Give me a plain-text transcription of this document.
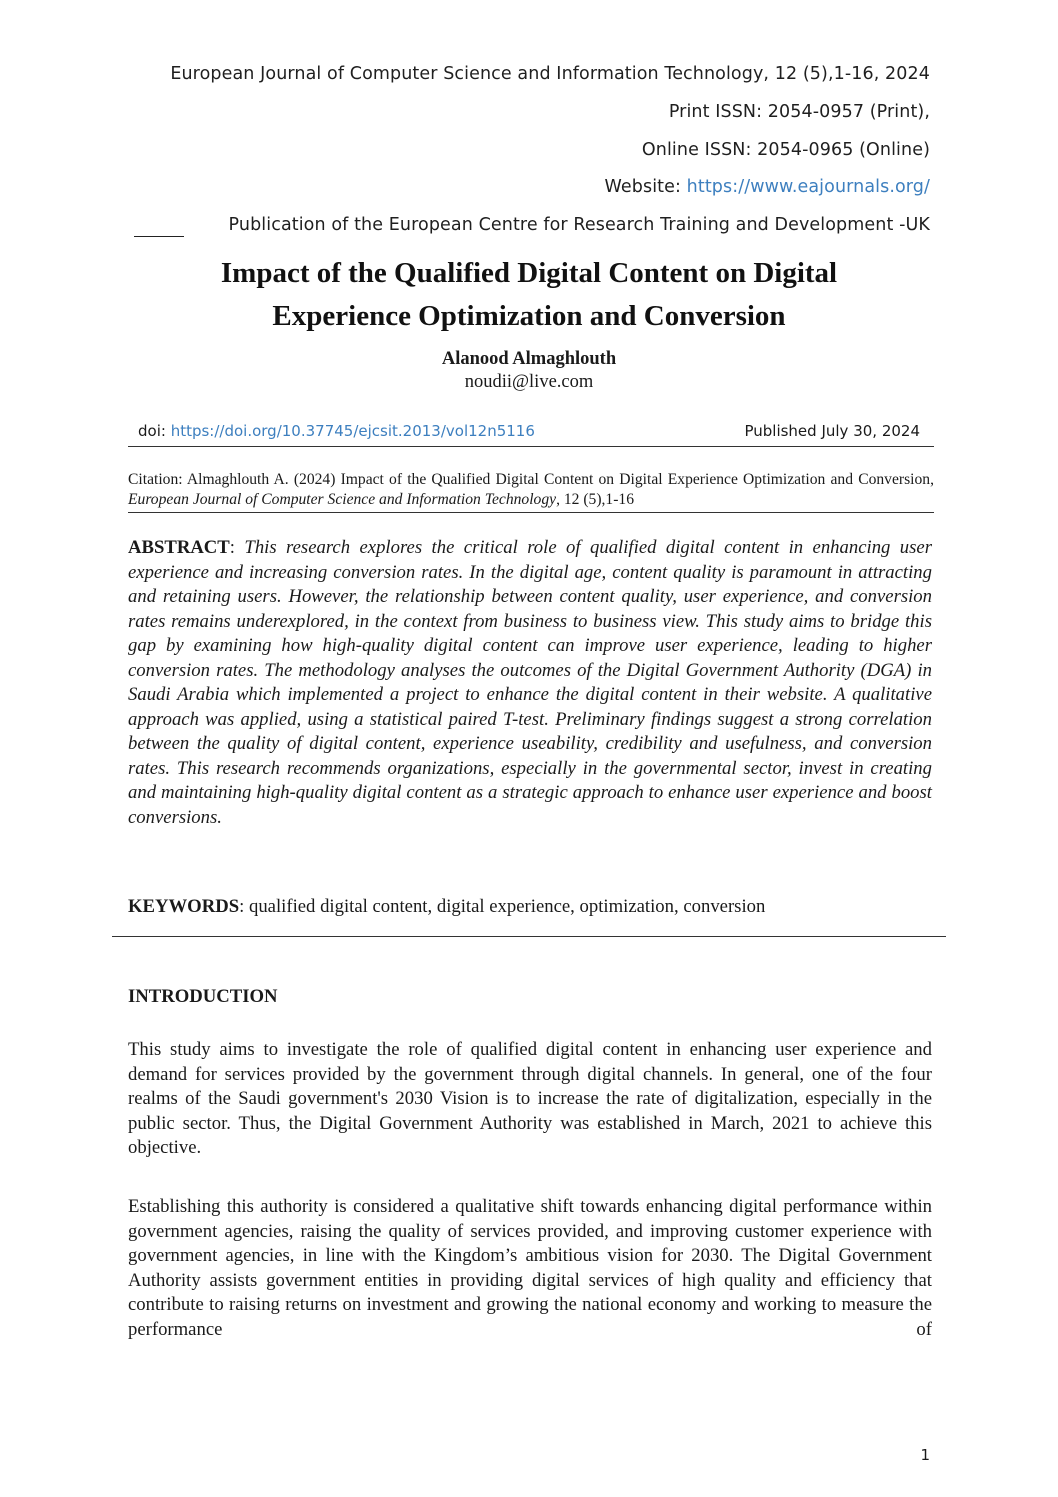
European Journal of Computer Science and Information Technology, 12 (5),1-16, 2024
Print ISSN: 2054-0957 (Print),
Online ISSN: 2054-0965 (Online)
Website: https://www.eajournals.org/
Publication of the European Centre for Research Training and Development -UK
Impact of the Qualified Digital Content on Digital
Experience Optimization and Conversion
Alanood Almaghlouth
noudii@live.com
doi: https://doi.org/10.37745/ejcsit.2013/vol12n5116	Published July 30, 2024
Citation: Almaghlouth A. (2024) Impact of the Qualified Digital Content on Digital Experience Optimization and Conversion, European Journal of Computer Science and Information Technology, 12 (5),1-16
ABSTRACT: This research explores the critical role of qualified digital content in enhancing user experience and increasing conversion rates. In the digital age, content quality is paramount in attracting and retaining users. However, the relationship between content quality, user experience, and conversion rates remains underexplored, in the context from business to business view. This study aims to bridge this gap by examining how high-quality digital content can improve user experience, leading to higher conversion rates. The methodology analyses the outcomes of the Digital Government Authority (DGA) in Saudi Arabia which implemented a project to enhance the digital content in their website. A qualitative approach was applied, using a statistical paired T-test. Preliminary findings suggest a strong correlation between the quality of digital content, experience useability, credibility and usefulness, and conversion rates. This research recommends organizations, especially in the governmental sector, invest in creating and maintaining high-quality digital content as a strategic approach to enhance user experience and boost conversions.
KEYWORDS: qualified digital content, digital experience, optimization, conversion
INTRODUCTION
This study aims to investigate the role of qualified digital content in enhancing user experience and demand for services provided by the government through digital channels. In general, one of the four realms of the Saudi government's 2030 Vision is to increase the rate of digitalization, especially in the public sector. Thus, the Digital Government Authority was established in March, 2021 to achieve this objective.
Establishing this authority is considered a qualitative shift towards enhancing digital performance within government agencies, raising the quality of services provided, and improving customer experience with government agencies, in line with the Kingdom’s ambitious vision for 2030. The Digital Government Authority assists government entities in providing digital services of high quality and efficiency that contribute to raising returns on investment and growing the national economy and working to measure the performance of
1
